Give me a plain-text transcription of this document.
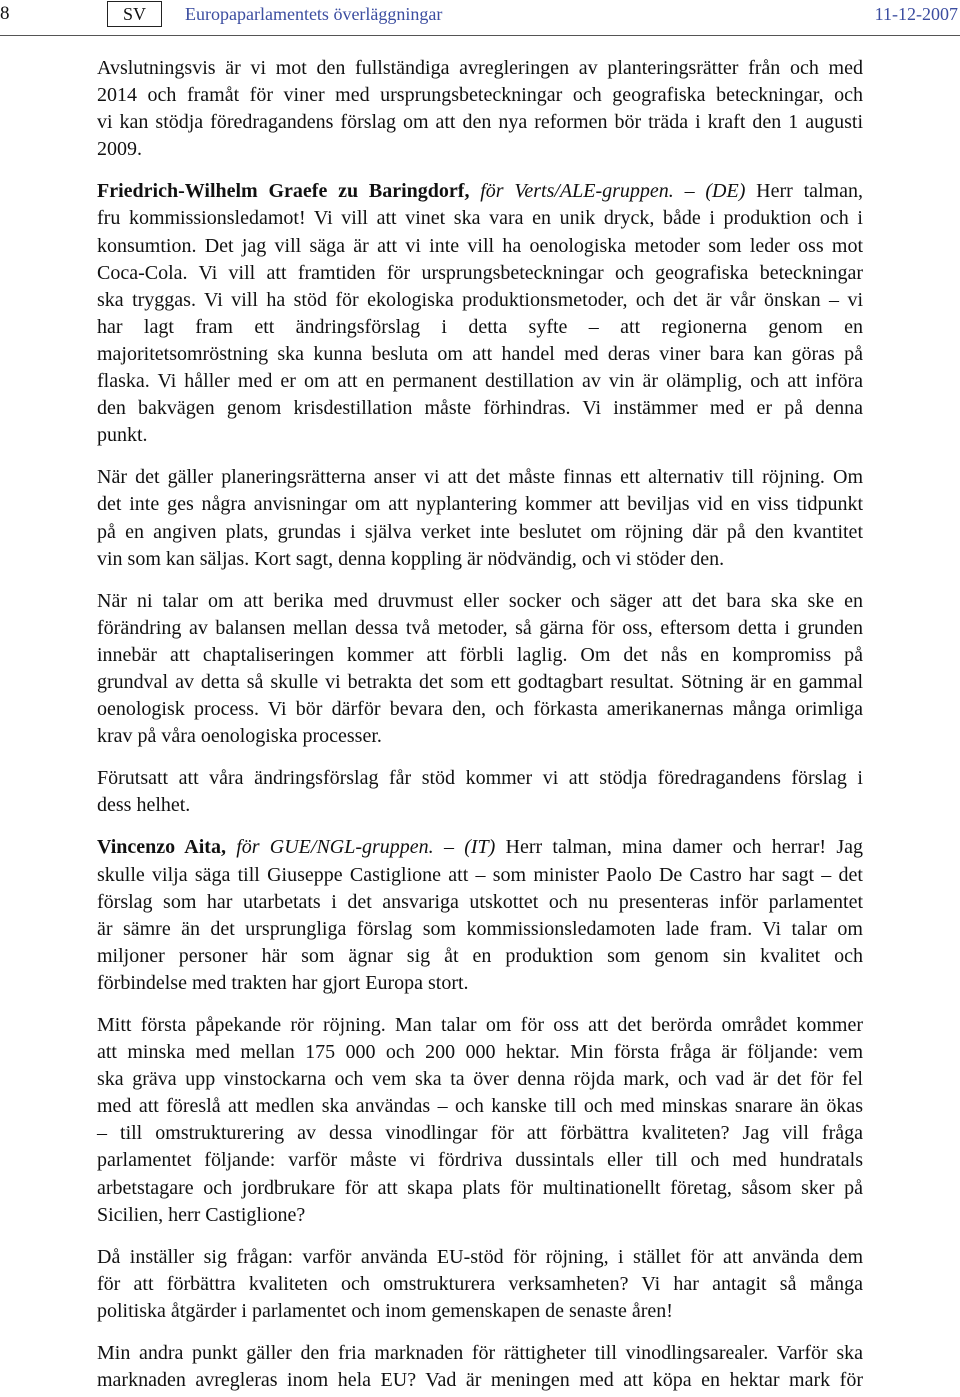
8	SV	Europaparlamentets överläggningar	11-12-2007
Avslutningsvis är vi mot den fullständiga avregleringen av planteringsrätter från och med
2014 och framåt för viner med ursprungsbeteckningar och geografiska beteckningar, och
vi kan stödja föredragandens förslag om att den nya reformen bör träda i kraft den 1 augusti
2009.
Friedrich-Wilhelm Graefe zu Baringdorf, för Verts/ALE-gruppen. – (DE) Herr talman,
fru kommissionsledamot! Vi vill att vinet ska vara en unik dryck, både i produktion och i
konsumtion. Det jag vill säga är att vi inte vill ha oenologiska metoder som leder oss mot
Coca-Cola. Vi vill att framtiden för ursprungsbeteckningar och geografiska beteckningar
ska tryggas. Vi vill ha stöd för ekologiska produktionsmetoder, och det är vår önskan – vi
har lagt fram ett ändringsförslag i detta syfte – att regionerna genom en
majoritetsomröstning ska kunna besluta om att handel med deras viner bara kan göras på
flaska. Vi håller med er om att en permanent destillation av vin är olämplig, och att införa
den bakvägen genom krisdestillation måste förhindras. Vi instämmer med er på denna
punkt.
När det gäller planeringsrätterna anser vi att det måste finnas ett alternativ till röjning. Om
det inte ges några anvisningar om att nyplantering kommer att beviljas vid en viss tidpunkt
på en angiven plats, grundas i själva verket inte beslutet om röjning där på den kvantitet
vin som kan säljas. Kort sagt, denna koppling är nödvändig, och vi stöder den.
När ni talar om att berika med druvmust eller socker och säger att det bara ska ske en
förändring av balansen mellan dessa två metoder, så gärna för oss, eftersom detta i grunden
innebär att chaptaliseringen kommer att förbli laglig. Om det nås en kompromiss på
grundval av detta så skulle vi betrakta det som ett godtagbart resultat. Sötning är en gammal
oenologisk process. Vi bör därför bevara den, och förkasta amerikanernas många orimliga
krav på våra oenologiska processer.
Förutsatt att våra ändringsförslag får stöd kommer vi att stödja föredragandens förslag i
dess helhet.
Vincenzo Aita, för GUE/NGL-gruppen. – (IT) Herr talman, mina damer och herrar! Jag
skulle vilja säga till Giuseppe Castiglione att – som minister Paolo De Castro har sagt – det
förslag som har utarbetats i det ansvariga utskottet och nu presenteras inför parlamentet
är sämre än det ursprungliga förslag som kommissionsledamoten lade fram. Vi talar om
miljoner personer här som ägnar sig åt en produktion som genom sin kvalitet och
förbindelse med trakten har gjort Europa stort.
Mitt första påpekande rör röjning. Man talar om för oss att det berörda området kommer
att minska med mellan 175 000 och 200 000 hektar. Min första fråga är följande: vem
ska gräva upp vinstockarna och vem ska ta över denna röjda mark, och vad är det för fel
med att föreslå att medlen ska användas – och kanske till och med minskas snarare än ökas
– till omstrukturering av dessa vinodlingar för att förbättra kvaliteten? Jag vill fråga
parlamentet följande: varför måste vi fördriva dussintals eller till och med hundratals
arbetstagare och jordbrukare för att skapa plats för multinationellt företag, såsom sker på
Sicilien, herr Castiglione?
Då inställer sig frågan: varför använda EU-stöd för röjning, i stället för att använda dem
för att förbättra kvaliteten och omstrukturera verksamheten? Vi har antagit så många
politiska åtgärder i parlamentet och inom gemenskapen de senaste åren!
Min andra punkt gäller den fria marknaden för rättigheter till vinodlingsarealer. Varför ska
marknaden avregleras inom hela EU? Vad är meningen med att köpa en hektar mark för
